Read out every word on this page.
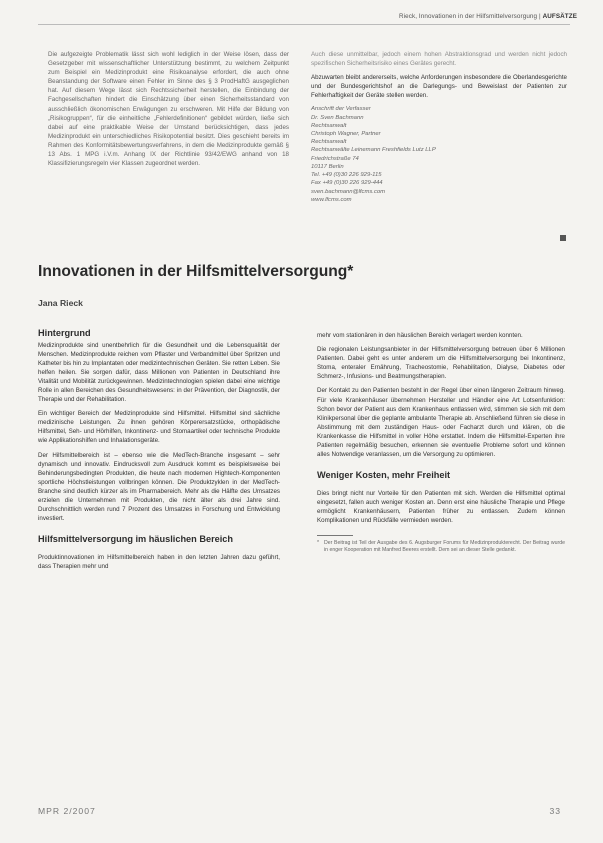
Rieck, Innovationen in der Hilfsmittelversorgung | AUFSÄTZE

Die aufgezeigte Problematik lässt sich wohl lediglich in der Weise lösen, dass der Gesetzgeber mit wissenschaftlicher Unterstützung bestimmt, zu welchem Zeitpunkt zum Beispiel ein Medizinprodukt eine Risikoanalyse erfordert, die auch ohne Beanstandung der Software einen Fehler im Sinne des § 3 ProdHaftG ausgeglichen hat. Auf diesem Wege lässt sich Rechtssicherheit herstellen, die Einbindung der Fachgesellschaften hindert die Einschätzung über einen Sicherheitsstandard von ausschließlich ökonomischen Erwägungen zu erschweren. Mit Hilfe der Bildung von „Risikogruppen“, für die einheitliche „Fehlerdefinitionen“ gebildet würden, ließe sich dabei auf eine praktikable Weise der Umstand berücksichtigen, dass jedes Medizinprodukt ein unterschiedliches Risikopotential besitzt. Dies geschieht bereits im Rahmen des Konformitätsbewertungsverfahrens, in dem die Medizinprodukte gemäß § 13 Abs. 1 MPG i.V.m. Anhang IX der Richtlinie 93/42/EWG anhand von 18 Klassifizierungsregeln vier Klassen zugeordnet werden.

Auch diese unmittelbar, jedoch einem hohen Abstraktionsgrad und werden nicht jedoch spezifischen Sicherheitsrisiko eines Gerätes gerecht.

Abzuwarten bleibt andererseits, welche Anforderungen insbesondere die Oberlandesgerichte und der Bundesgerichtshof an die Darlegungs- und Beweislast der Patienten zur Fehlerhaftigkeit der Geräte stellen werden.

Anschrift der Verfasser
Dr. Sven Bachmann
Rechtsanwalt
Christoph Wagner, Partner
Rechtsanwalt
Rechtsanwälte Leinemann Freshfields Lutz LLP
Friedrichstraße 74
10117 Berlin
Tel. +49 (0)30 226 929-115
Fax +49 (0)30 226 929-444
sven.bachmann@lfcms.com
www.lfcms.com
Innovationen in der Hilfsmittelversorgung*
Jana Rieck
Hintergrund

Medizinprodukte sind unentbehrlich für die Gesundheit und die Lebensqualität der Menschen. Medizinprodukte reichen vom Pflaster und Verbandmittel über Spritzen und Katheter bis hin zu Implantaten oder medizintechnischen Geräten. Sie retten Leben. Sie helfen heilen. Sie sorgen dafür, dass Millionen von Patienten in Deutschland ihre Vitalität und Mobilität zurückgewinnen. Medizintechnologien spielen dabei eine wichtige Rolle in allen Bereichen des Gesundheitswesens: in der Prävention, der Diagnostik, der Therapie und der Rehabilitation.

Ein wichtiger Bereich der Medizinprodukte sind Hilfsmittel. Hilfsmittel sind sächliche medizinische Leistungen. Zu ihnen gehören Körperersatzstücke, orthopädische Hilfsmittel, Seh- und Hörhilfen, Inkontinenz- und Stomaartikel oder technische Produkte wie Applikationshilfen und Inhalationsgeräte.

Der Hilfsmittelbereich ist – ebenso wie die MedTech-Branche insgesamt – sehr dynamisch und innovativ. Eindrucksvoll zum Ausdruck kommt es beispielsweise bei Behinderungsbedingten Produkten, die heute nach modernen Hightech-Komponenten sportliche Höchstleistungen vollbringen können. Die Produktzyklen in der MedTech-Branche sind deutlich kürzer als im Pharmabereich. Mehr als die Hälfte des Umsatzes erzielen die Unternehmen mit Produkten, die nicht älter als drei Jahre sind. Durchschnittlich werden rund 7 Prozent des Umsatzes in Forschung und Entwicklung investiert.

Hilfsmittelversorgung im häuslichen Bereich

Produktinnovationen im Hilfsmittelbereich haben in den letzten Jahren dazu geführt, dass Therapien mehr und

mehr vom stationären in den häuslichen Bereich verlagert werden konnten.

Die regionalen Leistungsanbieter in der Hilfsmittelversorgung betreuen über 6 Millionen Patienten. Dabei geht es unter anderem um die Hilfsmittelversorgung bei Inkontinenz, Stoma, enteraler Ernährung, Tracheostomie, Rehabilitation, Dialyse, Diabetes oder Schmerz-, Infusions- und Beatmungstherapien.

Der Kontakt zu den Patienten besteht in der Regel über einen längeren Zeitraum hinweg. Für viele Krankenhäuser übernehmen Hersteller und Händler eine Art Lotsenfunktion: Schon bevor der Patient aus dem Krankenhaus entlassen wird, stimmen sie sich mit dem Klinikpersonal über die geplante ambulante Therapie ab. Anschließend führen sie diese in Abstimmung mit dem zuständigen Haus- oder Facharzt durch und klären, ob die Krankenkasse die Hilfsmittel in voller Höhe erstattet. Indem die Hilfsmittel-Experten ihre Patienten regelmäßig besuchen, erkennen sie eventuelle Probleme sofort und können alles Notwendige veranlassen, um die Versorgung zu optimieren.

Weniger Kosten, mehr Freiheit

Dies bringt nicht nur Vorteile für den Patienten mit sich. Werden die Hilfsmittel optimal eingesetzt, fallen auch weniger Kosten an. Denn erst eine häusliche Therapie und Pflege ermöglicht Krankenhäusern, Patienten früher zu entlassen. Zudem können Komplikationen und Rückfälle vermieden werden.

* Der Beitrag ist Teil der Ausgabe des 6. Augsburger Forums für Medizinprodukterecht. Der Beitrag wurde in enger Kooperation mit Manfred Beeres erstellt. Dem sei an dieser Stelle gedankt.
MPR 2/2007	33
